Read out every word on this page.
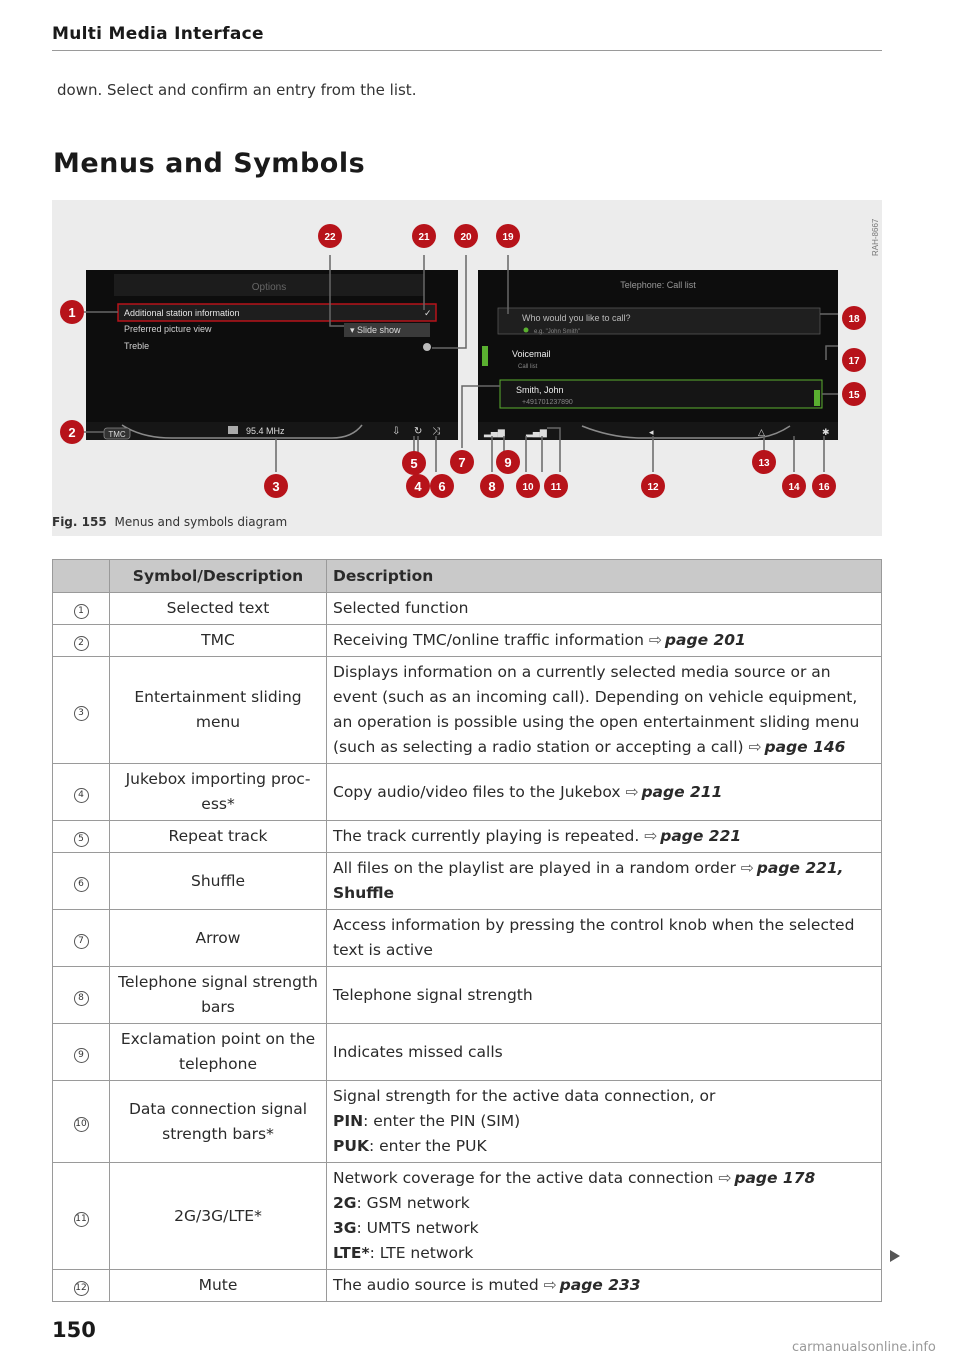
Multi Media Interface
down. Select and confirm an entry from the list.
Menus and Symbols
Options
Additional station information
Preferred picture view
Treble
✓
▾ Slide show
TMC	95.4 MHz	⇩ ↻ ⤨
Telephone: Call list
Who would you like to call?
e.g. "John Smith"
Voicemail
Call list
Smith, John
+491701237890
▂▄▆ ▂▄▆	◂	△	✱
1
2
3	4
5
6
7
8
9
10 11	12
13
14
15
16
17
18
19
20
21
22	RAH-8667
Fig. 155 Menus and symbols diagram
	Symbol/Description	Description
1	Selected text	Selected function
2	TMC	Receiving TMC/online traffic information ⇨ page 201
3	Entertainment sliding menu	Displays information on a currently selected media source or an event (such as an incoming call). Depending on vehicle equipment, an operation is possible using the open entertainment sliding menu (such as selecting a radio station or accepting a call) ⇨ page 146
4	Jukebox importing proc-ess*	Copy audio/video files to the Jukebox ⇨ page 211
5	Repeat track	The track currently playing is repeated. ⇨ page 221
6	Shuffle	All files on the playlist are played in a random order ⇨ page 221,
Shuffle
7	Arrow	Access information by pressing the control knob when the selected text is active
8	Telephone signal strength bars	Telephone signal strength
9	Exclamation point on the telephone	Indicates missed calls
10	Data connection signal strength bars*	Signal strength for the active data connection, or
PIN: enter the PIN (SIM)
PUK: enter the PUK
11	2G/3G/LTE*	Network coverage for the active data connection ⇨ page 178
2G: GSM network
3G: UMTS network
LTE*: LTE network
12	Mute	The audio source is muted ⇨ page 233
150
carmanualsonline.info
